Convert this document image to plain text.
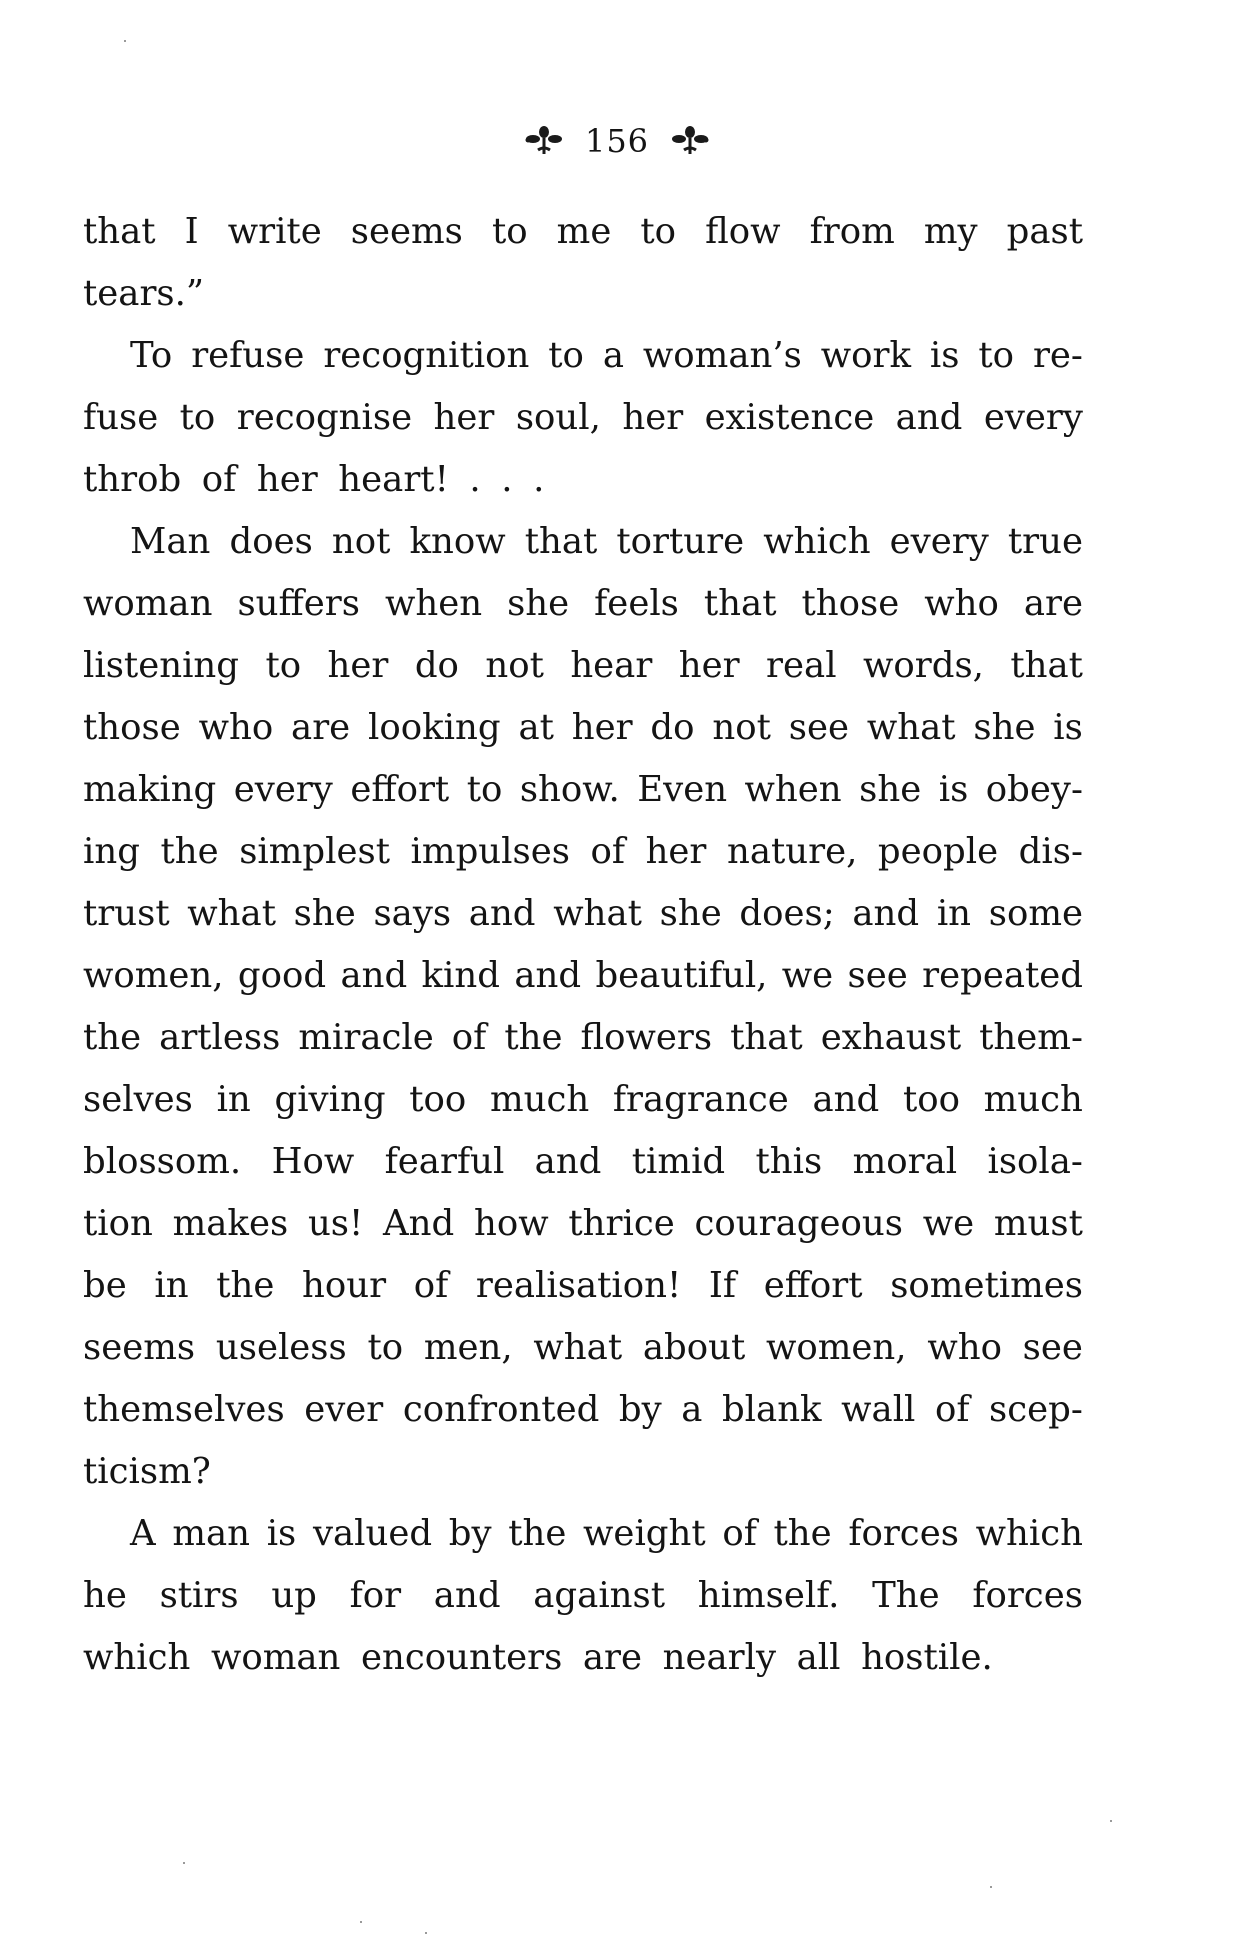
156
that I write seems to me to flow from my past
tears.”
To refuse recognition to a woman’s work is to re-
fuse to recognise her soul, her existence and every
throb of her heart! . . .
Man does not know that torture which every true
woman suffers when she feels that those who are
listening to her do not hear her real words, that
those who are looking at her do not see what she is
making every effort to show. Even when she is obey-
ing the simplest impulses of her nature, people dis-
trust what she says and what she does; and in some
women, good and kind and beautiful, we see repeated
the artless miracle of the flowers that exhaust them-
selves in giving too much fragrance and too much
blossom. How fearful and timid this moral isola-
tion makes us! And how thrice courageous we must
be in the hour of realisation! If effort sometimes
seems useless to men, what about women, who see
themselves ever confronted by a blank wall of scep-
ticism?
A man is valued by the weight of the forces which
he stirs up for and against himself. The forces
which woman encounters are nearly all hostile.
